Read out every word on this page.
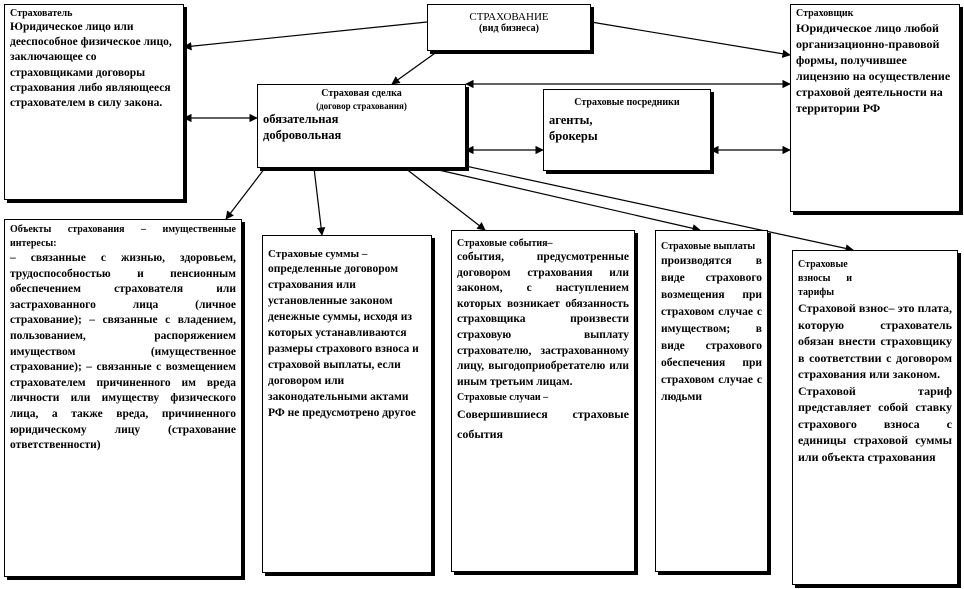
СТРАХОВАНИЕ
(вид бизнеса)
Страхователь
Юридическое лицо или дееспособное физическое лицо, заключающее со страховщиками договоры страхования либо являющееся страхователем в силу закона.
Страховщик
Юридическое лицо любой организационно-правовой формы, получившее лицензию на осуществление страховой деятельности на территории РФ
Страховая сделка
(договор страхования)
обязательная
добровольная
Страховые посредники
агенты,
брокеры
Объекты страхования – имущественные интересы:
– связанные с жизнью, здоровьем, трудоспособностью и пенсионным обеспечением страхователя или застрахованного лица (личное страхование); – связанные с владением, пользованием, распоряжением имуществом (имущественное страхование); – связанные с возмещением страхователем причиненного им вреда личности или имуществу физического лица, а также вреда, причиненного юридическому лицу (страхование ответственности)
Страховые суммы –
определенные договором страхования или установленные законом денежные суммы, исходя из которых устанавливаются размеры страхового взноса и страховой выплаты, если договором или законодательными актами РФ не предусмотрено другое
Страховые события–
события, предусмотренные договором страхования или законом, с наступлением которых возникает обязанность страховщика произвести страховую выплату страхователю, застрахованному лицу, выгодоприобретателю или иным третьим лицам.
Страховые случаи –
Совершившиеся страховые события
Страховые выплаты
производятся в виде страхового возмещения при страховом случае с имуществом; в виде страхового обеспечения при страховом случае с людьми
Страховые взносы и тарифы
Страховой взнос– это плата, которую страхователь обязан внести страховщику в соответствии с договором страхования или законом.
Страховой тариф представляет собой ставку страхового взноса с единицы страховой суммы или объекта страхования
